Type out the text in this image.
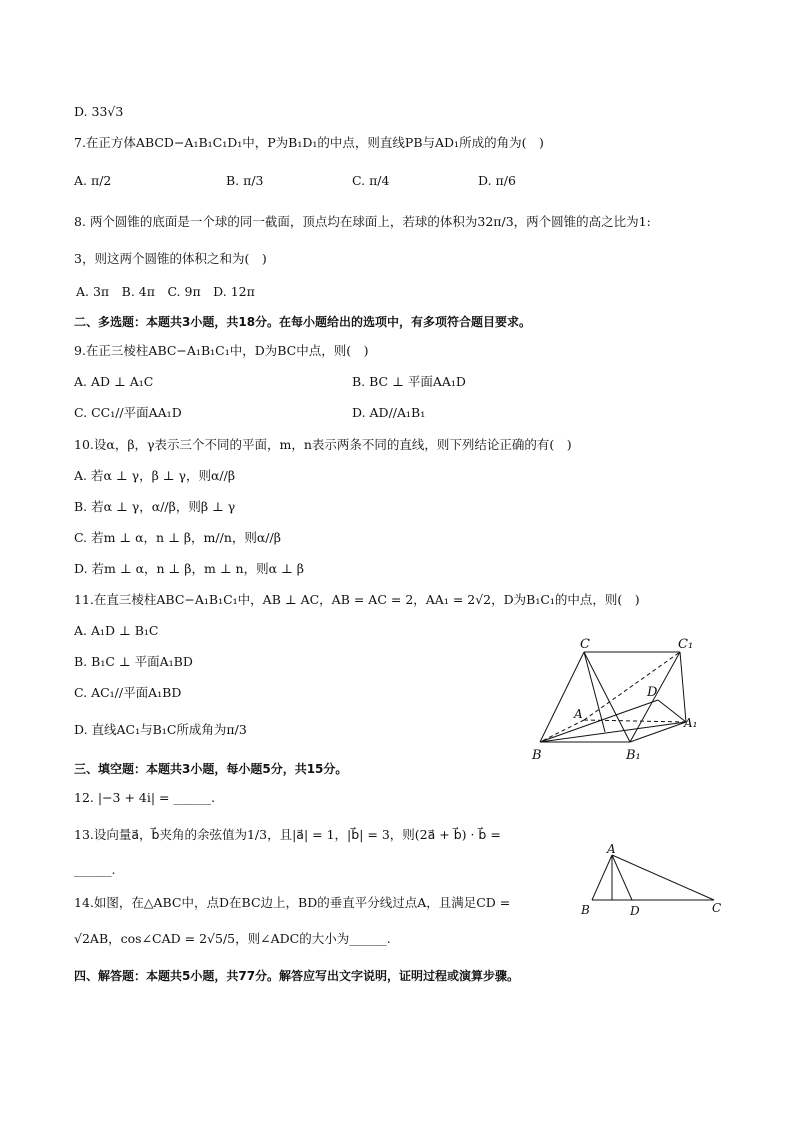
D. 33√3
7.在正方体ABCD−A₁B₁C₁D₁中，P为B₁D₁的中点，则直线PB与AD₁所成的角为(　)
A. π/2	B. π/3	C. π/4	D. π/6
8. 两个圆锥的底面是一个球的同一截面，顶点均在球面上，若球的体积为32π/3，两个圆锥的高之比为1:
3，则这两个圆锥的体积之和为(　)
A. 3π　B. 4π　C. 9π　D. 12π
二、多选题：本题共3小题，共18分。在每小题给出的选项中，有多项符合题目要求。
9.在正三棱柱ABC−A₁B₁C₁中，D为BC中点，则(　)
A. AD ⊥ A₁C	B. BC ⊥ 平面AA₁D
C. CC₁//平面AA₁D	D. AD//A₁B₁
10.设α，β，γ表示三个不同的平面，m，n表示两条不同的直线，则下列结论正确的有(　)
A. 若α ⊥ γ，β ⊥ γ，则α//β
B. 若α ⊥ γ，α//β，则β ⊥ γ
C. 若m ⊥ α，n ⊥ β，m//n，则α//β
D. 若m ⊥ α，n ⊥ β，m ⊥ n，则α ⊥ β
11.在直三棱柱ABC−A₁B₁C₁中，AB ⊥ AC，AB = AC = 2，AA₁ = 2√2，D为B₁C₁的中点，则(　)
A. A₁D ⊥ B₁C
B. B₁C ⊥ 平面A₁BD
C. AC₁//平面A₁BD
D. 直线AC₁与B₁C所成角为π/3
C	C₁
D
A
A₁
B	B₁
三、填空题：本题共3小题，每小题5分，共15分。
12. |−3 + 4i| = ______.
13.设向量a⃗，b⃗夹角的余弦值为1/3，且|a⃗| = 1，|b⃗| = 3，则(2a⃗ + b⃗) · b⃗ =
______.
14.如图，在△ABC中，点D在BC边上，BD的垂直平分线过点A，且满足CD =
√2AB，cos∠CAD = 2√5/5，则∠ADC的大小为______.
A
B	D	C
四、解答题：本题共5小题，共77分。解答应写出文字说明，证明过程或演算步骤。
